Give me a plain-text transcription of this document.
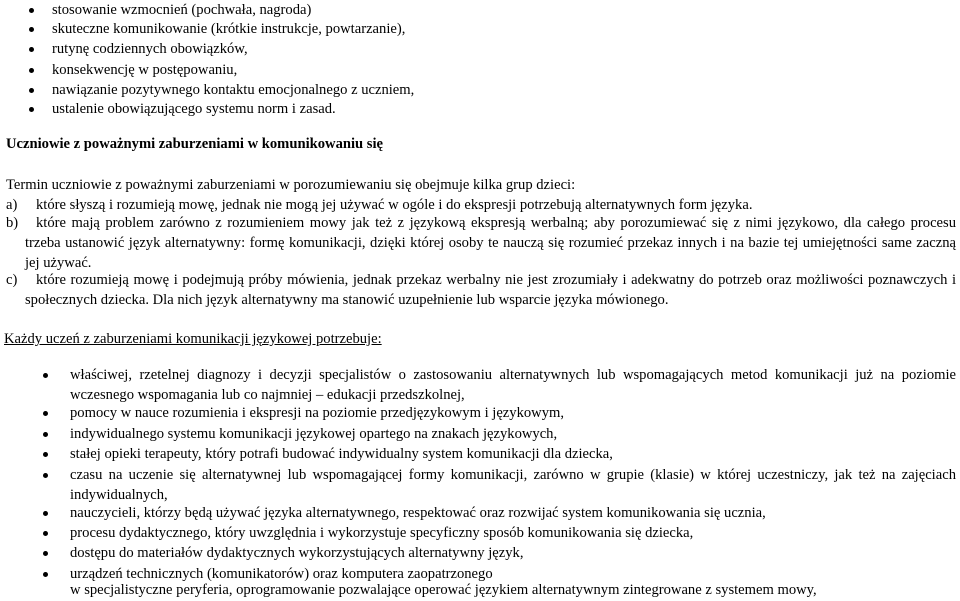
stosowanie wzmocnień (pochwała, nagroda)
skuteczne komunikowanie (krótkie instrukcje, powtarzanie),
rutynę codziennych obowiązków,
konsekwencję w postępowaniu,
nawiązanie pozytywnego kontaktu emocjonalnego z uczniem,
ustalenie obowiązującego systemu norm i zasad.
Uczniowie z poważnymi zaburzeniami w komunikowaniu się
Termin uczniowie z poważnymi zaburzeniami w porozumiewaniu się obejmuje kilka grup dzieci:
a) które słyszą i rozumieją mowę, jednak nie mogą jej używać w ogóle i do ekspresji potrzebują alternatywnych form języka.
b)	które mają problem zarówno z rozumieniem mowy jak też z językową ekspresją werbalną; aby porozumiewać się z nimi językowo, dla całego procesu trzeba ustanowić język alternatywny: formę komunikacji, dzięki której osoby te nauczą się rozumieć przekaz innych i na bazie tej umiejętności same zaczną jej używać.
c)	które rozumieją mowę i podejmują próby mówienia, jednak przekaz werbalny nie jest zrozumiały i adekwatny do potrzeb oraz możliwości poznawczych i społecznych dziecka. Dla nich język alternatywny ma stanowić uzupełnienie lub wsparcie języka mówionego.
Każdy uczeń z zaburzeniami komunikacji językowej potrzebuje:
właściwej, rzetelnej diagnozy i decyzji specjalistów o zastosowaniu alternatywnych lub wspomagających metod komunikacji już na poziomie wczesnego wspomagania lub co najmniej – edukacji przedszkolnej,
pomocy w nauce rozumienia i ekspresji na poziomie przedjęzykowym i językowym,
indywidualnego systemu komunikacji językowej opartego na znakach językowych,
stałej opieki terapeuty, który potrafi budować indywidualny system komunikacji dla dziecka,
czasu na uczenie się alternatywnej lub wspomagającej formy komunikacji, zarówno w grupie (klasie) w której uczestniczy, jak też na zajęciach indywidualnych,
nauczycieli, którzy będą używać języka alternatywnego, respektować oraz rozwijać system komunikowania się ucznia,
procesu dydaktycznego, który uwzględnia i wykorzystuje specyficzny sposób komunikowania się dziecka,
dostępu do materiałów dydaktycznych wykorzystujących alternatywny język,
urządzeń technicznych (komunikatorów) oraz komputera zaopatrzonego
w specjalistyczne peryferia, oprogramowanie pozwalające operować językiem alternatywnym zintegrowane z systemem mowy,
